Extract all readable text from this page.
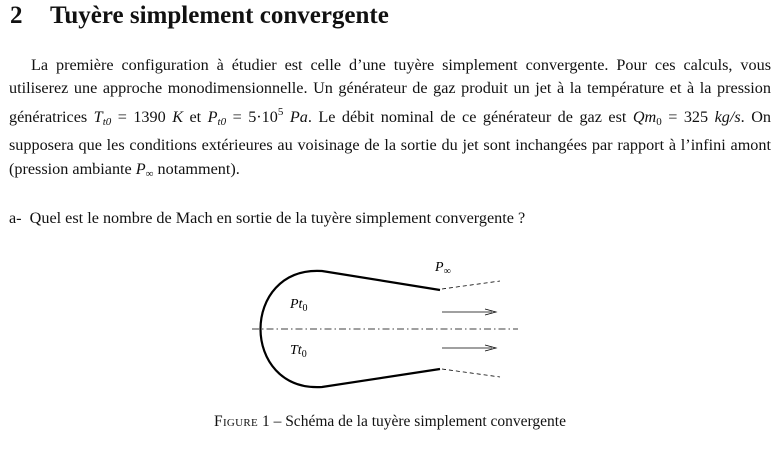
2 Tuyère simplement convergente

La première configuration à étudier est celle d’une tuyère simplement convergente. Pour ces calculs, vous utiliserez une approche monodimensionnelle. Un générateur de gaz produit un jet à la température et à la pression génératrices $T_{t0} = 1390$ K et $P_{t0} = 5\cdot 10^5$ Pa. Le débit nominal de ce générateur de gaz est $Qm_0 = 325$ kg/s. On supposera que les conditions extérieures au voisinage de la sortie du jet sont inchangées par rapport à l’infini amont (pression ambiante $P_\infty$ notamment).

a- Quel est le nombre de Mach en sortie de la tuyère simplement convergente ?

$P_\infty$
$Pt_0$
$Tt_0$

Figure 1 – Schéma de la tuyère simplement convergente
